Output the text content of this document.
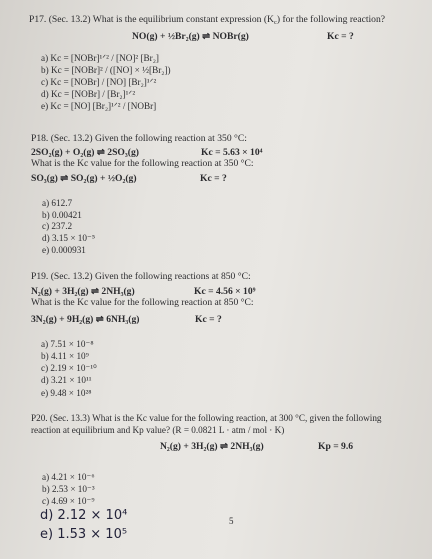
P17. (Sec. 13.2) What is the equilibrium constant expression $(K_c)$ for the following reaction?
NO(g) + ½Br₂(g) ⇌ NOBr(g)	Kc = ?
a) Kc = [NOBr]¹ᐟ² / [NO]² [Br₂]
b) Kc = [NOBr]² / ([NO] × ½[Br₂])
c) Kc = [NOBr] / [NO] [Br₂]¹ᐟ²
d) Kc = [NOBr] / [Br₂]¹ᐟ²
e) Kc = [NO] [Br₂]¹ᐟ² / [NOBr]
P18. (Sec. 13.2) Given the following reaction at 350 °C:
2SO₂(g) + O₂(g) ⇌ 2SO₃(g)	Kc = 5.63 × 10⁴
What is the Kc value for the following reaction at 350 °C:
SO₃(g) ⇌ SO₂(g) + ½O₂(g)	Kc = ?
a) 612.7
b) 0.00421
c) 237.2
d) 3.15 × 10⁻⁵
e) 0.000931
P19. (Sec. 13.2) Given the following reactions at 850 °C:
N₂(g) + 3H₂(g) ⇌ 2NH₃(g)	Kc = 4.56 × 10⁹
What is the Kc value for the following reaction at 850 °C:
3N₂(g) + 9H₂(g) ⇌ 6NH₃(g)	Kc = ?
a) 7.51 × 10⁻⁸
b) 4.11 × 10⁹
c) 2.19 × 10⁻¹⁰
d) 3.21 × 10¹¹
e) 9.48 × 10²⁸
P20. (Sec. 13.3) What is the Kc value for the following reaction, at 300 °C, given the following
reaction at equilibrium and Kp value? (R = 0.0821 L · atm / mol · K)
N₂(g) + 3H₂(g) ⇌ 2NH₃(g)	Kp = 9.6
a) 4.21 × 10⁻⁶
b) 2.53 × 10⁻³
c) 4.69 × 10⁻⁹
d) 2.12 × 10⁴
e) 1.53 × 10⁵
5
